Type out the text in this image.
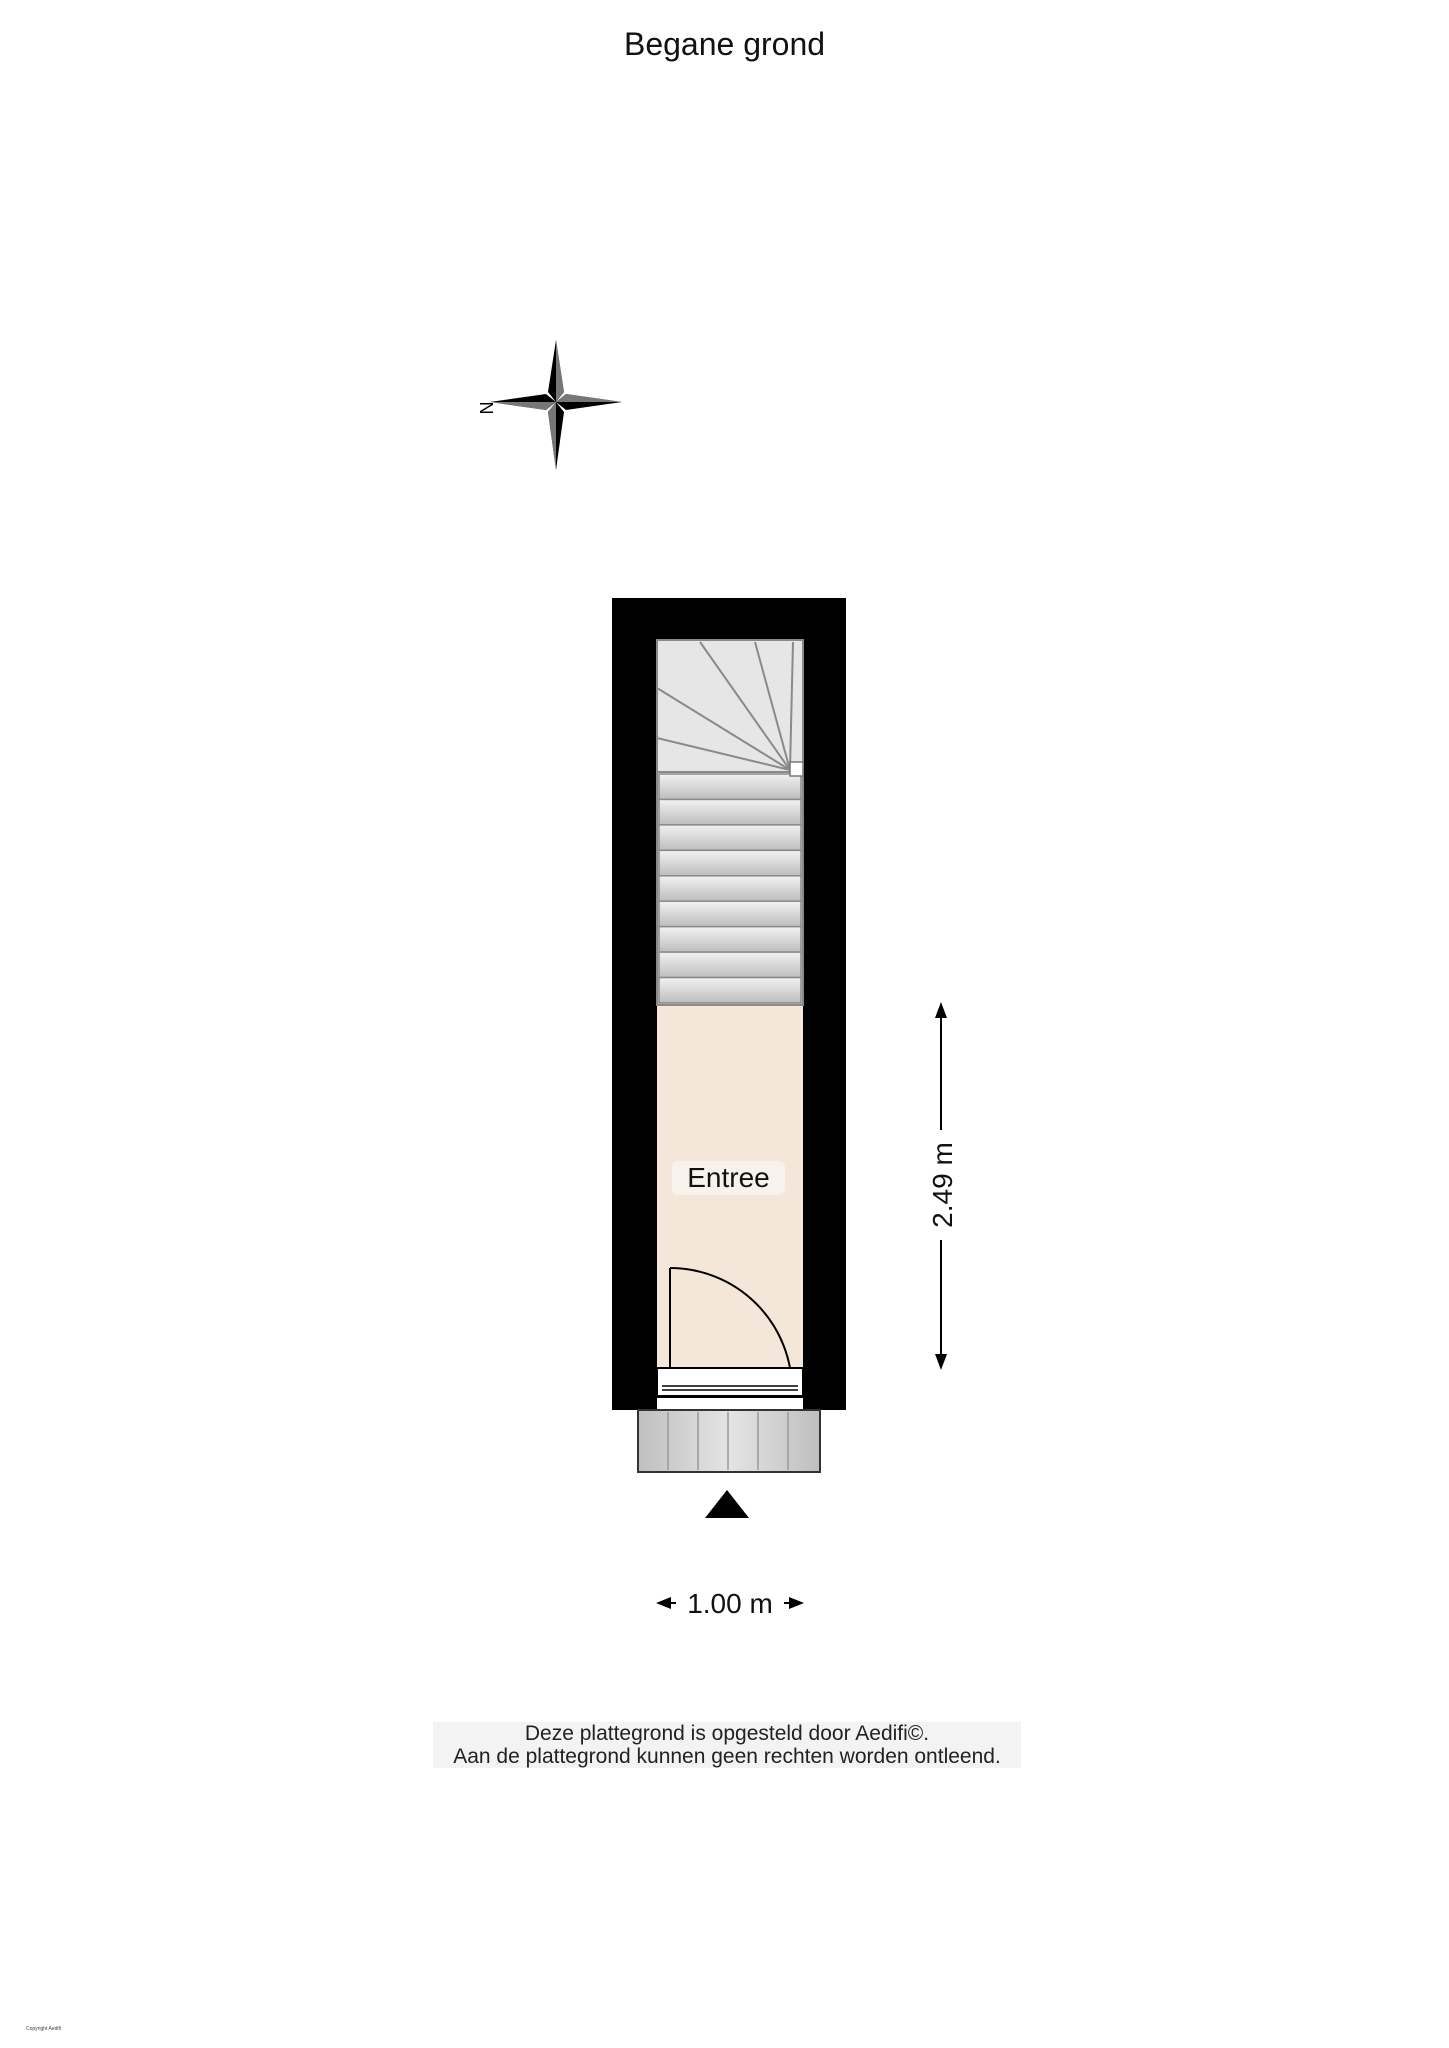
Begane grond
N
Entree	2.49 m
1.00 m
Deze plattegrond is opgesteld door Aedifi©.
Aan de plattegrond kunnen geen rechten worden ontleend.
Copyright Aedifi
